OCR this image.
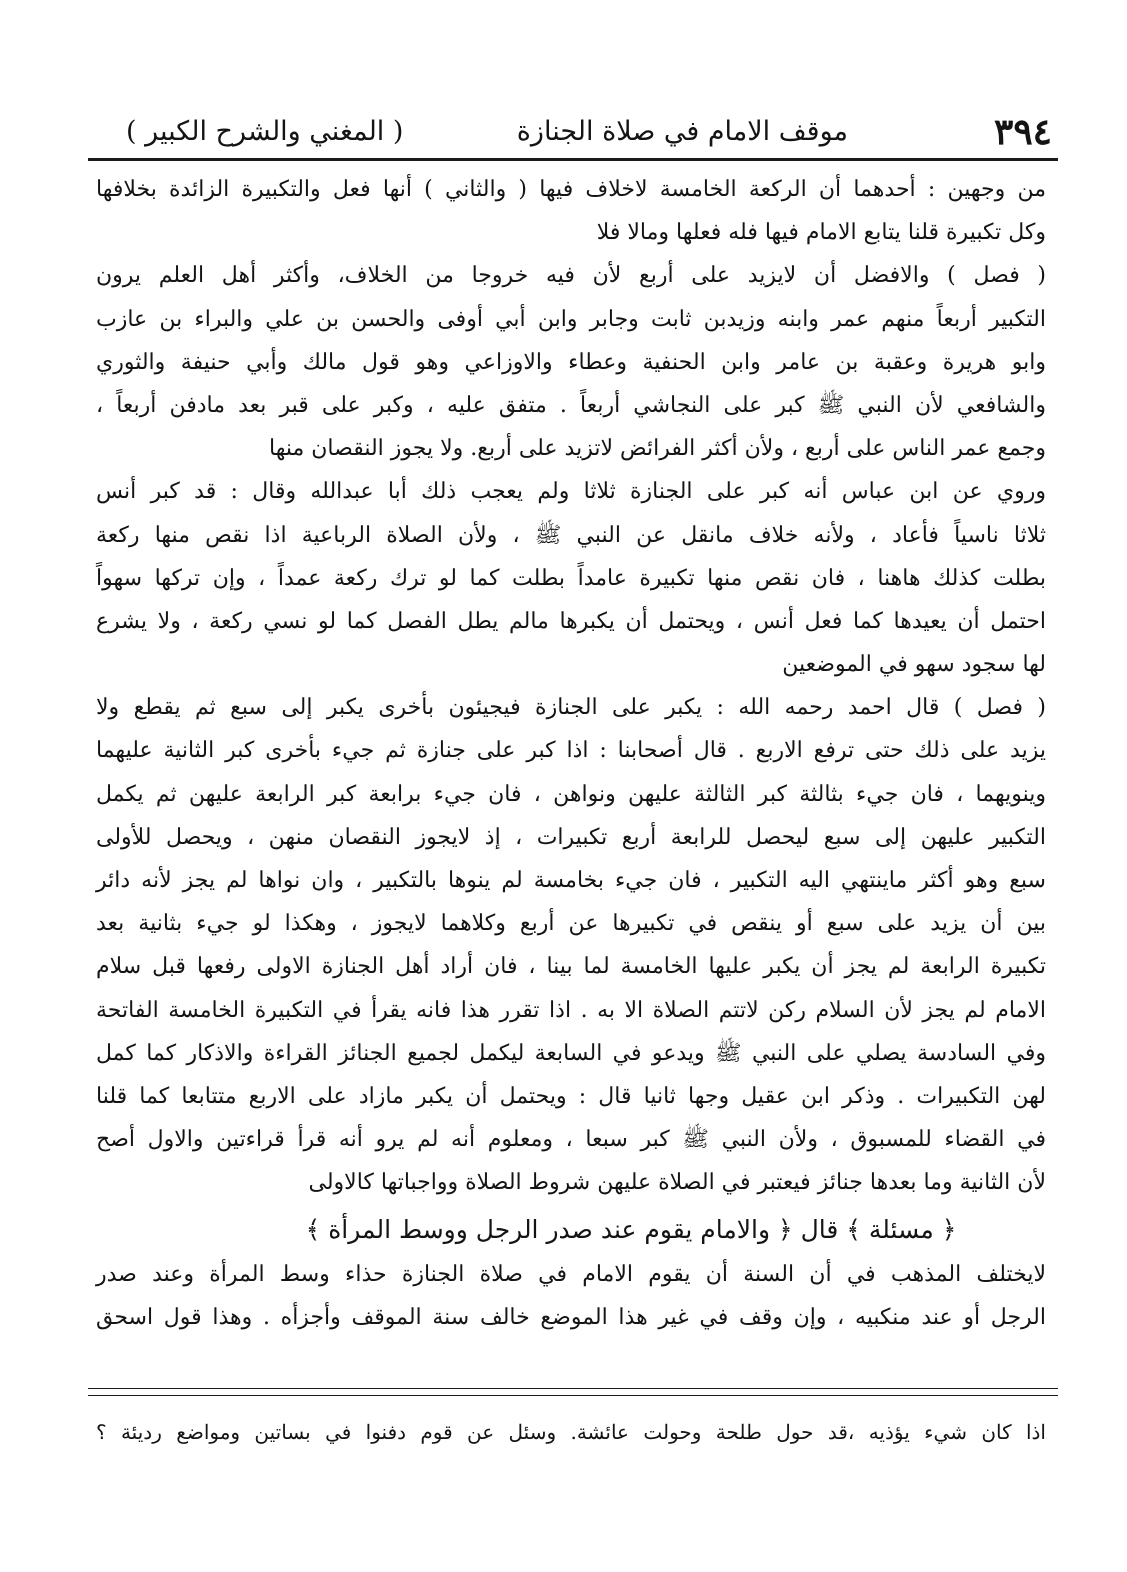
٣٩٤
موقف الامام في صلاة الجنازة
( المغني والشرح الكبير )
من وجهين : أحدهما أن الركعة الخامسة لاخلاف فيها ( والثاني ) أنها فعل والتكبيرة الزائدة بخلافها
وكل تكبيرة قلنا يتابع الامام فيها فله فعلها ومالا فلا
( فصل ) والافضل أن لايزيد على أربع لأن فيه خروجا من الخلاف، وأكثر أهل العلم يرون
التكبير أربعاً منهم عمر وابنه وزيدبن ثابت وجابر وابن أبي أوفى والحسن بن علي والبراء بن عازب
وابو هريرة وعقبة بن عامر وابن الحنفية وعطاء والاوزاعي وهو قول مالك وأبي حنيفة والثوري
والشافعي لأن النبي ﷺ كبر على النجاشي أربعاً . متفق عليه ، وكبر على قبر بعد مادفن أربعاً ،
وجمع عمر الناس على أربع ، ولأن أكثر الفرائض لاتزيد على أربع. ولا يجوز النقصان منها
وروي عن ابن عباس أنه كبر على الجنازة ثلاثا ولم يعجب ذلك أبا عبدالله وقال : قد كبر أنس
ثلاثا ناسياً فأعاد ، ولأنه خلاف مانقل عن النبي ﷺ ، ولأن الصلاة الرباعية اذا نقص منها ركعة
بطلت كذلك هاهنا ، فان نقص منها تكبيرة عامداً بطلت كما لو ترك ركعة عمداً ، وإن تركها سهواً
احتمل أن يعيدها كما فعل أنس ، ويحتمل أن يكبرها مالم يطل الفصل كما لو نسي ركعة ، ولا يشرع
لها سجود سهو في الموضعين
( فصل ) قال احمد رحمه الله : يكبر على الجنازة فيجيئون بأخرى يكبر إلى سبع ثم يقطع ولا
يزيد على ذلك حتى ترفع الاربع . قال أصحابنا : اذا كبر على جنازة ثم جيء بأخرى كبر الثانية عليهما
وينويهما ، فان جيء بثالثة كبر الثالثة عليهن ونواهن ، فان جيء برابعة كبر الرابعة عليهن ثم يكمل
التكبير عليهن إلى سبع ليحصل للرابعة أربع تكبيرات ، إذ لايجوز النقصان منهن ، ويحصل للأولى
سبع وهو أكثر ماينتهي اليه التكبير ، فان جيء بخامسة لم ينوها بالتكبير ، وان نواها لم يجز لأنه دائر
بين أن يزيد على سبع أو ينقص في تكبيرها عن أربع وكلاهما لايجوز ، وهكذا لو جيء بثانية بعد
تكبيرة الرابعة لم يجز أن يكبر عليها الخامسة لما بينا ، فان أراد أهل الجنازة الاولى رفعها قبل سلام
الامام لم يجز لأن السلام ركن لاتتم الصلاة الا به . اذا تقرر هذا فانه يقرأ في التكبيرة الخامسة الفاتحة
وفي السادسة يصلي على النبي ﷺ ويدعو في السابعة ليكمل لجميع الجنائز القراءة والاذكار كما كمل
لهن التكبيرات . وذكر ابن عقيل وجها ثانيا قال : ويحتمل أن يكبر مازاد على الاربع متتابعا كما قلنا
في القضاء للمسبوق ، ولأن النبي ﷺ كبر سبعا ، ومعلوم أنه لم يرو أنه قرأ قراءتين والاول أصح
لأن الثانية وما بعدها جنائز فيعتبر في الصلاة عليهن شروط الصلاة وواجباتها كالاولى
﴿ مسئلة ﴾ قال ﴿ والامام يقوم عند صدر الرجل ووسط المرأة ﴾
لايختلف المذهب في أن السنة أن يقوم الامام في صلاة الجنازة حذاء وسط المرأة وعند صدر
الرجل أو عند منكبيه ، وإن وقف في غير هذا الموضع خالف سنة الموقف وأجزأه . وهذا قول اسحق
اذا كان شيء يؤذيه ،قد حول طلحة وحولت عائشة. وسئل عن قوم دفنوا في بساتين ومواضع رديئة ؟
